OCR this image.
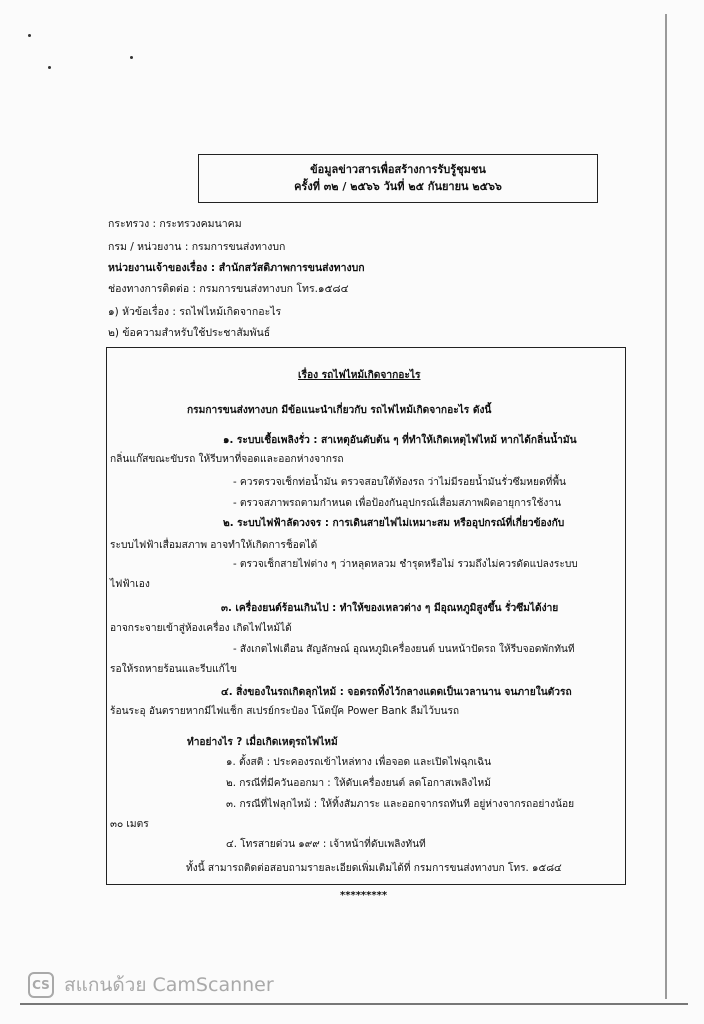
ข้อมูลข่าวสารเพื่อสร้างการรับรู้ชุมชน
ครั้งที่ ๓๒ / ๒๕๖๖ วันที่ ๒๕ กันยายน ๒๕๖๖
กระทรวง : กระทรวงคมนาคม
กรม / หน่วยงาน : กรมการขนส่งทางบก
หน่วยงานเจ้าของเรื่อง : สำนักสวัสดิภาพการขนส่งทางบก
ช่องทางการติดต่อ : กรมการขนส่งทางบก โทร.๑๕๘๔
๑) หัวข้อเรื่อง : รถไฟไหม้เกิดจากอะไร
๒) ข้อความสำหรับใช้ประชาสัมพันธ์
เรื่อง รถไฟไหม้เกิดจากอะไร
กรมการขนส่งทางบก มีข้อแนะนำเกี่ยวกับ รถไฟไหม้เกิดจากอะไร ดังนี้
๑. ระบบเชื้อเพลิงรั่ว : สาเหตุอันดับต้น ๆ ที่ทำให้เกิดเหตุไฟไหม้ หากได้กลิ่นน้ำมัน
กลิ่นแก๊สขณะขับรถ ให้รีบหาที่จอดและออกห่างจากรถ
- ควรตรวจเช็กท่อน้ำมัน ตรวจสอบใต้ท้องรถ ว่าไม่มีรอยน้ำมันรั่วซึมหยดที่พื้น
- ตรวจสภาพรถตามกำหนด เพื่อป้องกันอุปกรณ์เสื่อมสภาพผิดอายุการใช้งาน
๒. ระบบไฟฟ้าลัดวงจร : การเดินสายไฟไม่เหมาะสม หรืออุปกรณ์ที่เกี่ยวข้องกับ
ระบบไฟฟ้าเสื่อมสภาพ อาจทำให้เกิดการช็อตได้
- ตรวจเช็กสายไฟต่าง ๆ ว่าหลุดหลวม ชำรุดหรือไม่ รวมถึงไม่ควรดัดแปลงระบบ
ไฟฟ้าเอง
๓. เครื่องยนต์ร้อนเกินไป : ทำให้ของเหลวต่าง ๆ มีอุณหภูมิสูงขึ้น รั่วซึมได้ง่าย
อาจกระจายเข้าสู่ห้องเครื่อง เกิดไฟไหม้ได้
- สังเกตไฟเตือน สัญลักษณ์ อุณหภูมิเครื่องยนต์ บนหน้าปัดรถ ให้รีบจอดพักทันที
รอให้รถหายร้อนและรีบแก้ไข
๔. สิ่งของในรถเกิดลุกไหม้ : จอดรถทิ้งไว้กลางแดดเป็นเวลานาน จนภายในตัวรถ
ร้อนระอุ อันตรายหากมีไฟแช็ก สเปรย์กระป๋อง โน้ตบุ๊ค Power Bank ลืมไว้บนรถ
ทำอย่างไร ? เมื่อเกิดเหตุรถไฟไหม้
๑. ตั้งสติ : ประคองรถเข้าไหล่ทาง เพื่อจอด และเปิดไฟฉุกเฉิน
๒. กรณีที่มีควันออกมา : ให้ดับเครื่องยนต์ ลดโอกาสเพลิงไหม้
๓. กรณีที่ไฟลุกไหม้ : ให้ทิ้งสัมภาระ และออกจากรถทันที อยู่ห่างจากรถอย่างน้อย
๓๐ เมตร
๔. โทรสายด่วน ๑๙๙ : เจ้าหน้าที่ดับเพลิงทันที
ทั้งนี้ สามารถติดต่อสอบถามรายละเอียดเพิ่มเติมได้ที่ กรมการขนส่งทางบก โทร. ๑๕๘๔
*********
CS สแกนด้วย CamScanner
